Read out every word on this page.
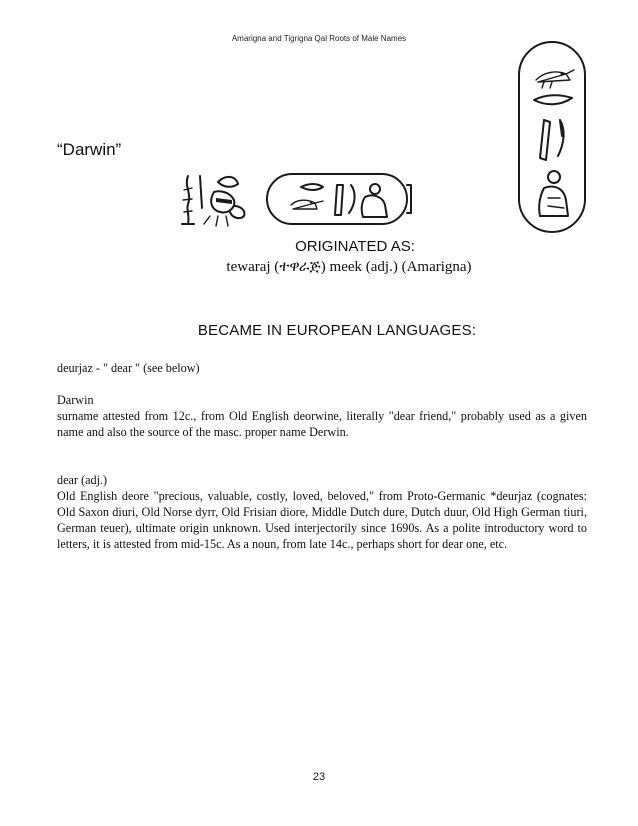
Amarigna and Tigrigna Qal Roots of Male Names
“Darwin”
ORIGINATED AS:
tewaraj (ተዋራጅ) meek (adj.) (Amarigna)
BECAME IN EUROPEAN LANGUAGES:

deurjaz - " dear " (see below)

Darwin

surname attested from 12c., from Old English deorwine, literally "dear friend," probably used as a given name and also the source of the masc. proper name Derwin.

dear (adj.)

Old English deore "precious, valuable, costly, loved, beloved," from Proto-Germanic *deurjaz (cognates: Old Saxon diuri, Old Norse dyrr, Old Frisian diore, Middle Dutch dure, Dutch duur, Old High German tiuri, German teuer), ultimate origin unknown. Used interjectorily since 1690s. As a polite introductory word to letters, it is attested from mid-15c. As a noun, from late 14c., perhaps short for dear one, etc.

23
